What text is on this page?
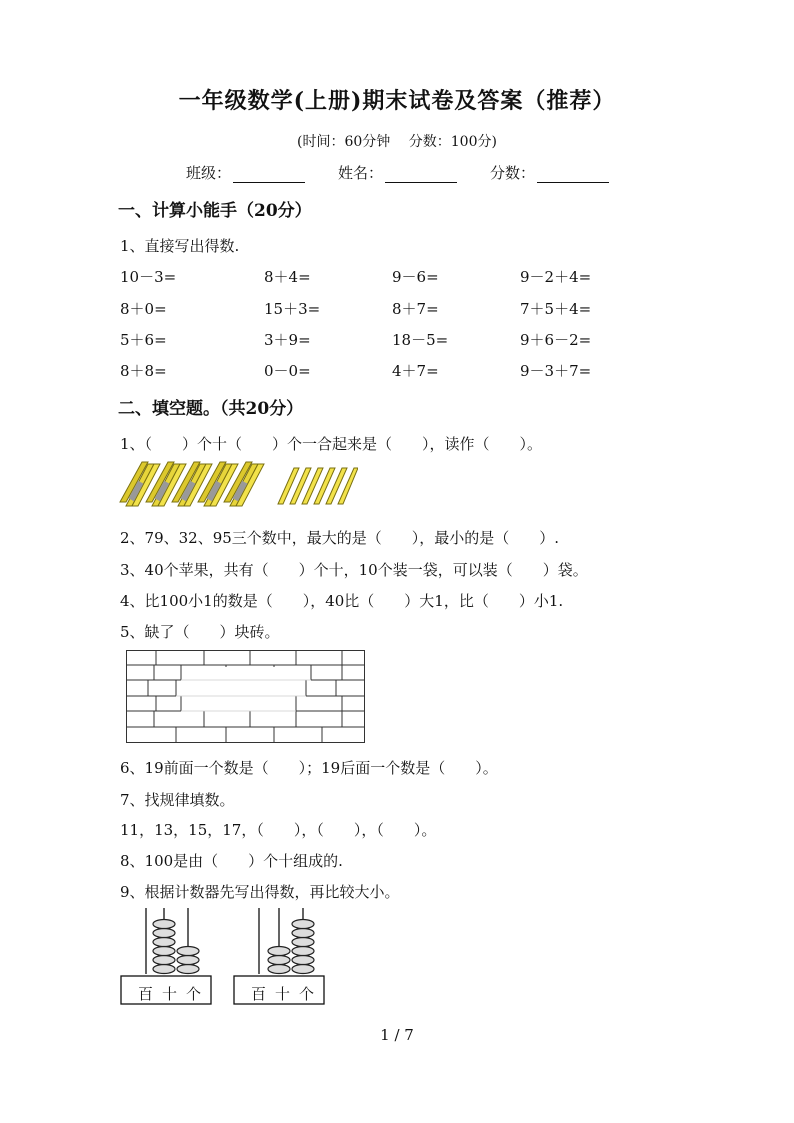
一年级数学(上册)期末试卷及答案（推荐）
(时间：60分钟　 分数：100分)
班级：	姓名：	分数：
一、计算小能手（20分）
1、直接写出得数.
10－3=	8＋4=	9－6=	9－2＋4=
8＋0=	15＋3=	8＋7=	7＋5＋4=
5＋6=	3＋9=	18－5=	9＋6－2=
8＋8=	0－0=	4＋7=	9－3＋7=
二、填空题。（共20分）
1、（　　）个十（　　）个一合起来是（　　），读作（　　）。
2、79、32、95三个数中，最大的是（　　），最小的是（　　）.
3、40个苹果，共有（　　）个十，10个装一袋，可以装（　　）袋。
4、比100小1的数是（　　），40比（　　）大1，比（　　）小1.
5、缺了（　　）块砖。
6、19前面一个数是（　　）；19后面一个数是（　　）。
7、找规律填数。
11，13，15，17，（　　），（　　），（　　）。
8、100是由（　　）个十组成的.
9、根据计数器先写出得数，再比较大小。
百 十 个	百 十 个
1 / 7
